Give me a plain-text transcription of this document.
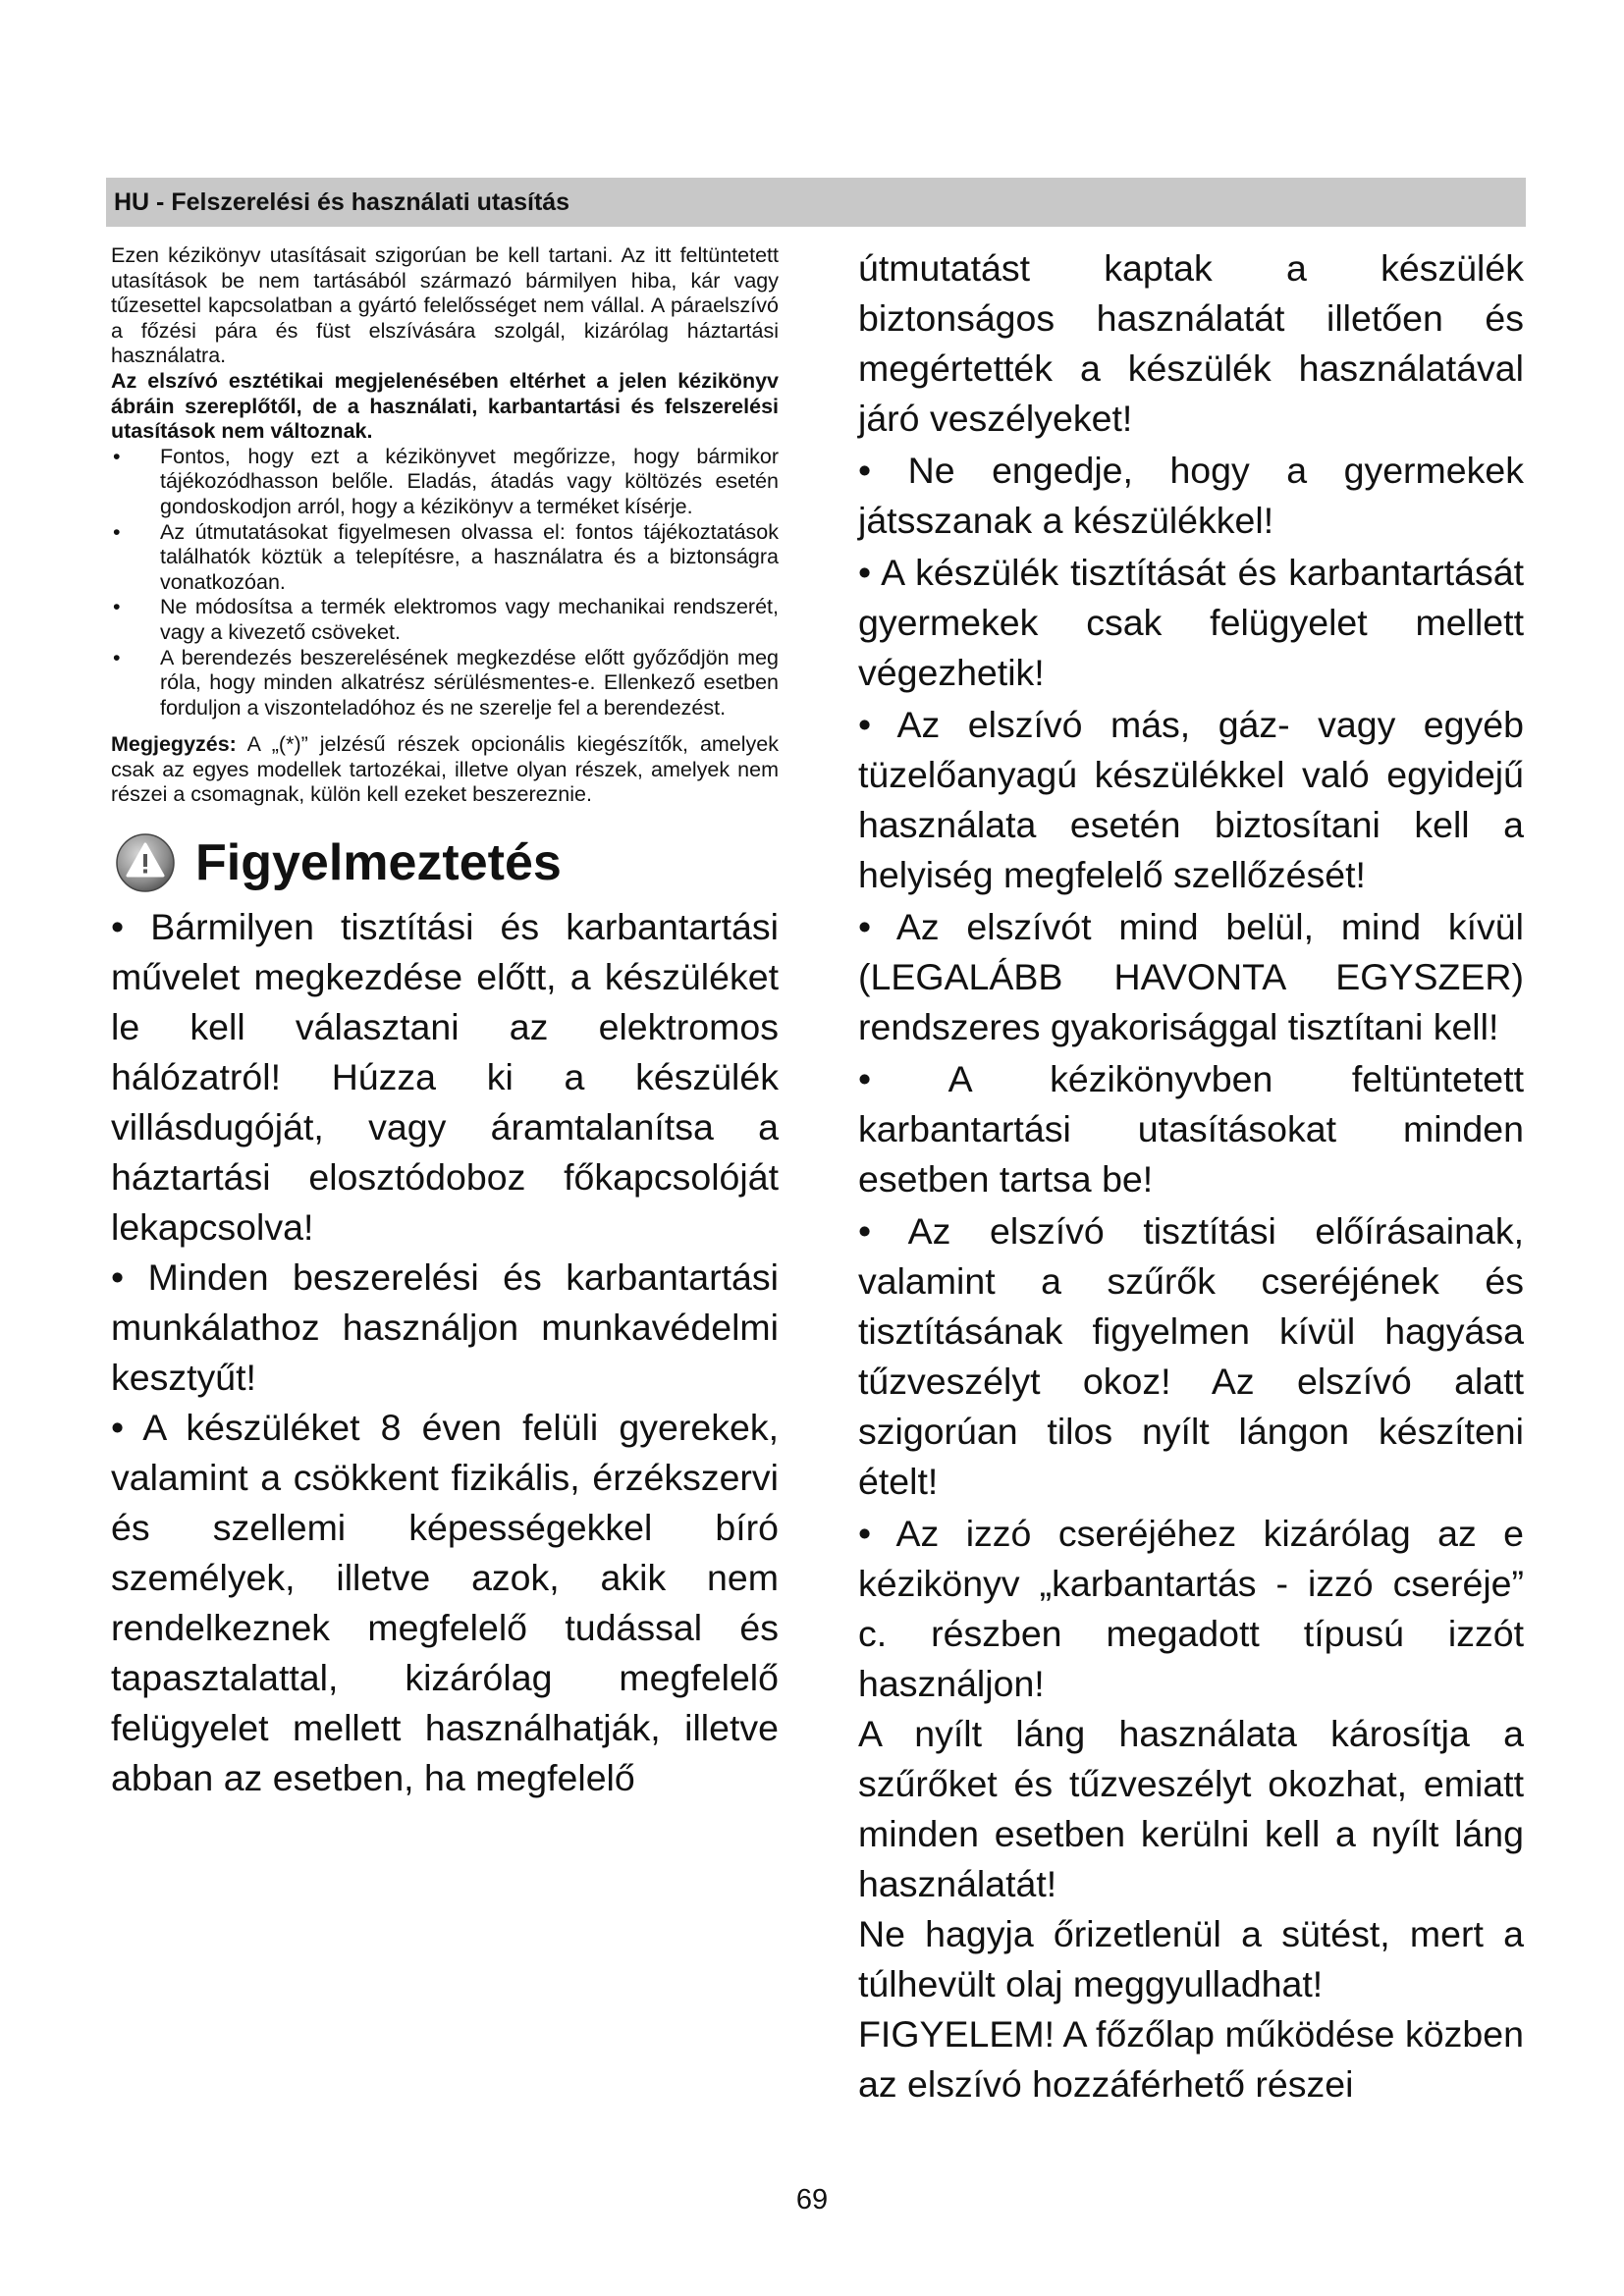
HU - Felszerelési és használati utasítás

Ezen kézikönyv utasításait szigorúan be kell tartani. Az itt feltüntetett utasítások be nem tartásából származó bármilyen hiba, kár vagy tűzesettel kapcsolatban a gyártó felelősséget nem vállal. A páraelszívó a főzési pára és füst elszívására szolgál, kizárólag háztartási használatra.

Az elszívó esztétikai megjelenésében eltérhet a jelen kézikönyv ábráin szereplőtől, de a használati, karbantartási és felszerelési utasítások nem változnak.

• Fontos, hogy ezt a kézikönyvet megőrizze, hogy bármikor tájékozódhasson belőle. Eladás, átadás vagy költözés esetén gondoskodjon arról, hogy a kézikönyv a terméket kísérje.
• Az útmutatásokat figyelmesen olvassa el: fontos tájékoztatások találhatók köztük a telepítésre, a használatra és a biztonságra vonatkozóan.
• Ne módosítsa a termék elektromos vagy mechanikai rendszerét, vagy a kivezető csöveket.
• A berendezés beszerelésének megkezdése előtt győződjön meg róla, hogy minden alkatrész sérülésmentes-e. Ellenkező esetben forduljon a viszonteladóhoz és ne szerelje fel a berendezést.

Megjegyzés: A „(*)” jelzésű részek opcionális kiegészítők, amelyek csak az egyes modellek tartozékai, illetve olyan részek, amelyek nem részei a csomagnak, külön kell ezeket beszereznie.

Figyelmeztetés

• Bármilyen tisztítási és karbantartási művelet megkezdése előtt, a készüléket le kell választani az elektromos hálózatról! Húzza ki a készülék villásdugóját, vagy áramtalanítsa a háztartási elosztódoboz főkapcsolóját lekapcsolva!

• Minden beszerelési és karbantartási munkálathoz használjon munkavédelmi kesztyűt!

• A készüléket 8 éven felüli gyerekek, valamint a csökkent fizikális, érzékszervi és szellemi képességekkel bíró személyek, illetve azok, akik nem rendelkeznek megfelelő tudással és tapasztalattal, kizárólag megfelelő felügyelet mellett használhatják, illetve abban az esetben, ha megfelelő

útmutatást kaptak a készülék biztonságos használatát illetően és megértették a készülék használatával járó veszélyeket!

• Ne engedje, hogy a gyermekek játsszanak a készülékkel!

• A készülék tisztítását és karbantartását gyermekek csak felügyelet mellett végezhetik!

• Az elszívó más, gáz- vagy egyéb tüzelőanyagú készülékkel való egyidejű használata esetén biztosítani kell a helyiség megfelelő szellőzését!

• Az elszívót mind belül, mind kívül (LEGALÁBB HAVONTA EGYSZER) rendszeres gyakorisággal tisztítani kell!

• A kézikönyvben feltüntetett karbantartási utasításokat minden esetben tartsa be!

• Az elszívó tisztítási előírásainak, valamint a szűrők cseréjének és tisztításának figyelmen kívül hagyása tűzveszélyt okoz! Az elszívó alatt szigorúan tilos nyílt lángon készíteni ételt!

• Az izzó cseréjéhez kizárólag az e kézikönyv „karbantartás - izzó cseréje” c. részben megadott típusú izzót használjon!

A nyílt láng használata károsítja a szűrőket és tűzveszélyt okozhat, emiatt minden esetben kerülni kell a nyílt láng használatát!

Ne hagyja őrizetlenül a sütést, mert a túlhevült olaj meggyulladhat!

FIGYELEM! A főzőlap működése közben az elszívó hozzáférhető részei

69
